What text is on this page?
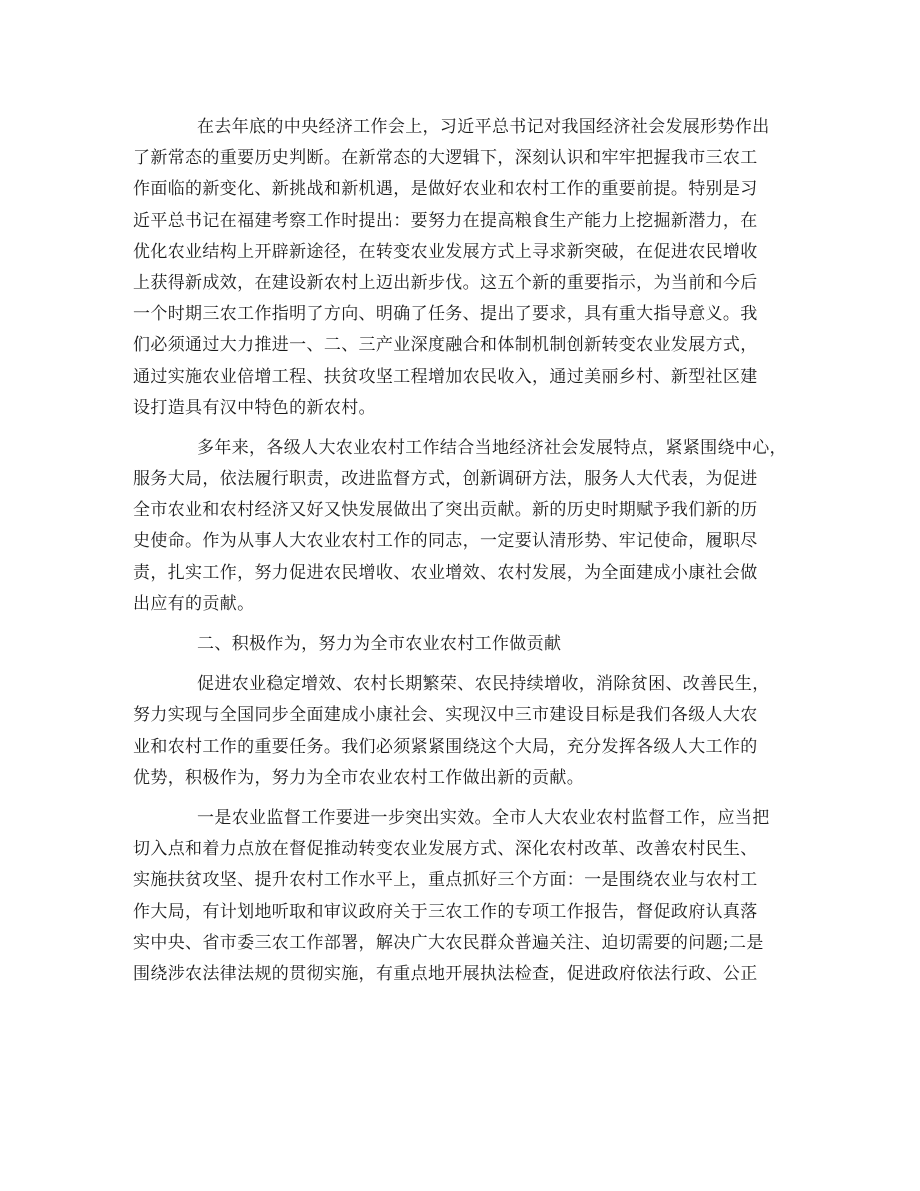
在去年底的中央经济工作会上，习近平总书记对我国经济社会发展形势作出
了新常态的重要历史判断。在新常态的大逻辑下，深刻认识和牢牢把握我市三农工
作面临的新变化、新挑战和新机遇，是做好农业和农村工作的重要前提。特别是习
近平总书记在福建考察工作时提出：要努力在提高粮食生产能力上挖掘新潜力，在
优化农业结构上开辟新途径，在转变农业发展方式上寻求新突破，在促进农民增收
上获得新成效，在建设新农村上迈出新步伐。这五个新的重要指示，为当前和今后
一个时期三农工作指明了方向、明确了任务、提出了要求，具有重大指导意义。我
们必须通过大力推进一、二、三产业深度融合和体制机制创新转变农业发展方式，
通过实施农业倍增工程、扶贫攻坚工程增加农民收入，通过美丽乡村、新型社区建
设打造具有汉中特色的新农村。
多年来，各级人大农业农村工作结合当地经济社会发展特点，紧紧围绕中心，
服务大局，依法履行职责，改进监督方式，创新调研方法，服务人大代表，为促进
全市农业和农村经济又好又快发展做出了突出贡献。新的历史时期赋予我们新的历
史使命。作为从事人大农业农村工作的同志，一定要认清形势、牢记使命，履职尽
责，扎实工作，努力促进农民增收、农业增效、农村发展，为全面建成小康社会做
出应有的贡献。
二、积极作为，努力为全市农业农村工作做贡献
促进农业稳定增效、农村长期繁荣、农民持续增收，消除贫困、改善民生，
努力实现与全国同步全面建成小康社会、实现汉中三市建设目标是我们各级人大农
业和农村工作的重要任务。我们必须紧紧围绕这个大局，充分发挥各级人大工作的
优势，积极作为，努力为全市农业农村工作做出新的贡献。
一是农业监督工作要进一步突出实效。全市人大农业农村监督工作，应当把
切入点和着力点放在督促推动转变农业发展方式、深化农村改革、改善农村民生、
实施扶贫攻坚、提升农村工作水平上，重点抓好三个方面：一是围绕农业与农村工
作大局，有计划地听取和审议政府关于三农工作的专项工作报告，督促政府认真落
实中央、省市委三农工作部署，解决广大农民群众普遍关注、迫切需要的问题;二是
围绕涉农法律法规的贯彻实施，有重点地开展执法检查，促进政府依法行政、公正
